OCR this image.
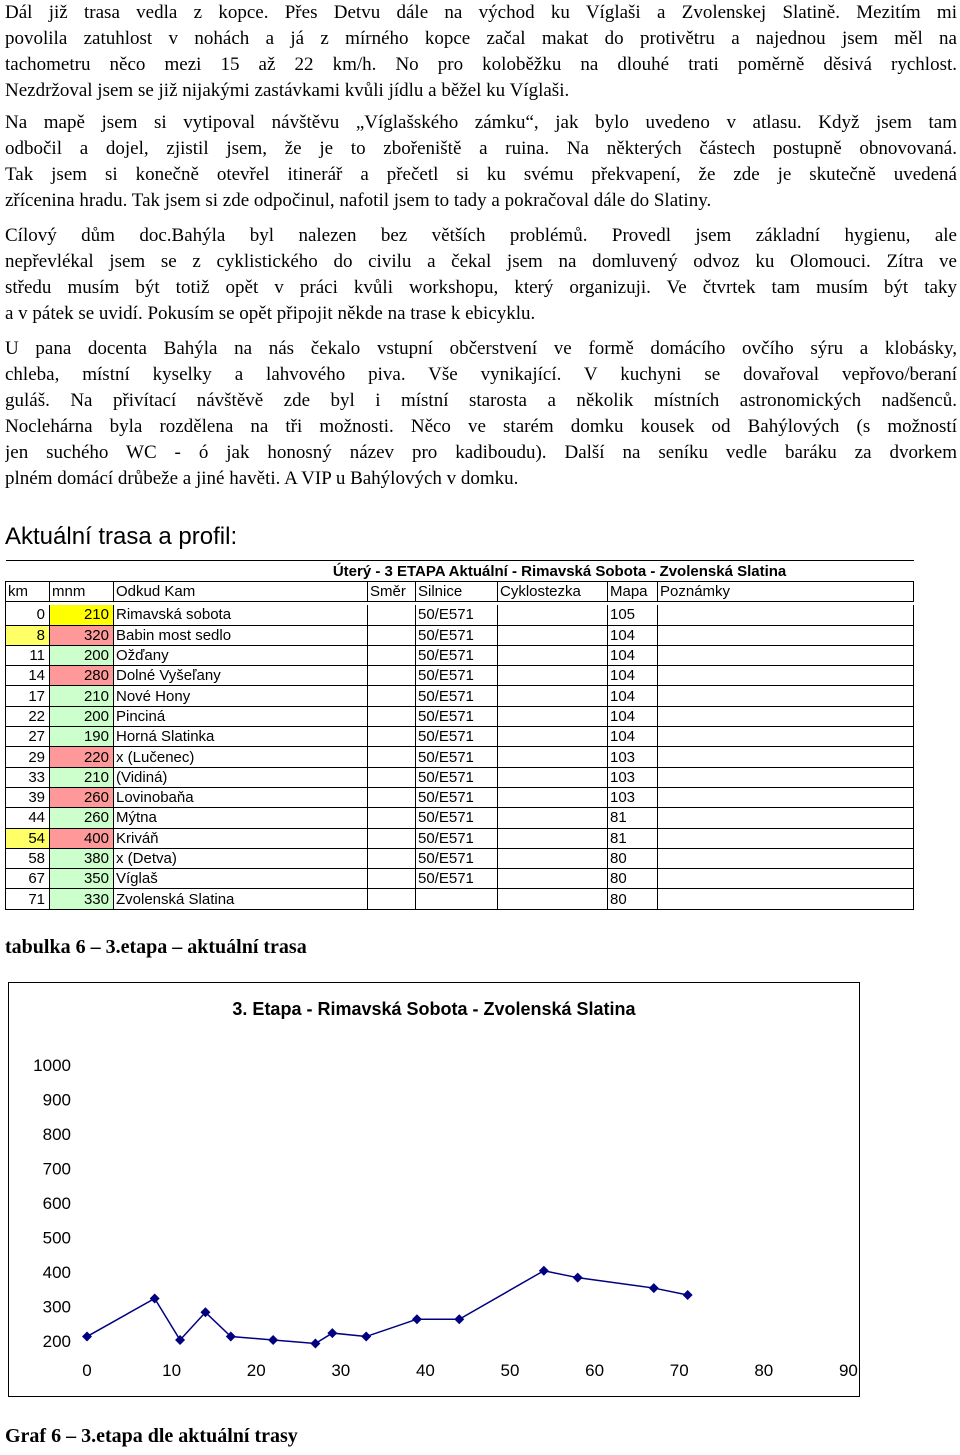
Dál již trasa vedla z kopce. Přes Detvu dále na východ ku Víglaši a Zvolenskej Slatině. Mezitím mi
povolila zatuhlost v nohách a já z mírného kopce začal makat do protivětru a najednou jsem měl na
tachometru něco mezi 15 až 22 km/h. No pro koloběžku na dlouhé trati poměrně děsivá rychlost.
Nezdržoval jsem se již nijakými zastávkami kvůli jídlu a běžel ku Víglaši.
Na mapě jsem si vytipoval návštěvu „Víglašského zámku“, jak bylo uvedeno v atlasu. Když jsem tam
odbočil a dojel, zjistil jsem, že je to zbořeniště a ruina. Na některých částech postupně obnovovaná.
Tak jsem si konečně otevřel itinerář a přečetl si ku svému překvapení, že zde je skutečně uvedená
zřícenina hradu. Tak jsem si zde odpočinul, nafotil jsem to tady a pokračoval dále do Slatiny.
Cílový dům doc.Bahýla byl nalezen bez větších problémů. Provedl jsem základní hygienu, ale
nepřevlékal jsem se z cyklistického do civilu a čekal jsem na domluvený odvoz ku Olomouci. Zítra ve
středu musím být totiž opět v práci kvůli workshopu, který organizuji. Ve čtvrtek tam musím být taky
a v pátek se uvidí. Pokusím se opět připojit někde na trase k ebicyklu.
U pana docenta Bahýla na nás čekalo vstupní občerstvení ve formě domácího ovčího sýru a klobásky,
chleba, místní kyselky a lahvového piva. Vše vynikající. V kuchyni se dovařoval vepřovo/beraní
guláš. Na přivítací návštěvě zde byl i místní starosta a několik místních astronomických nadšenců.
Noclehárna byla rozdělena na tři možnosti. Něco ve starém domku kousek od Bahýlových (s možností
jen suchého WC - ó jak honosný název pro kadiboudu). Další na seníku vedle baráku za dvorkem
plném domácí drůbeže a jiné havěti. A VIP u Bahýlových v domku.
Aktuální trasa a profil:
Úterý - 3 ETAPA Aktuální - Rimavská Sobota - Zvolenská Slatina							
km	mnm	Odkud Kam	Směr	Silnice	Cyklostezka	Mapa	Poznámky

0	210	Rimavská sobota		50/E571		105	
8	320	Babin most sedlo		50/E571		104	
11	200	Ožďany		50/E571		104	
14	280	Dolné Vyšeľany		50/E571		104	
17	210	Nové Hony		50/E571		104	
22	200	Pinciná		50/E571		104	
27	190	Horná Slatinka		50/E571		104	
29	220	x (Lučenec)		50/E571		103	
33	210	(Vidiná)		50/E571		103	
39	260	Lovinobaňa		50/E571		103	
44	260	Mýtna		50/E571		81	
54	400	Kriváň		50/E571		81	
58	380	x (Detva)		50/E571		80	
67	350	Víglaš		50/E571		80	
71	330	Zvolenská Slatina				80	

tabulka 6 – 3.etapa – aktuální trasa

3. Etapa - Rimavská Sobota - Zvolenská Slatina
1000
900
800
700
600
500
400
300
200
0	10	20	30	40	50	60	70	80	90

Graf 6 – 3.etapa dle aktuální trasy
